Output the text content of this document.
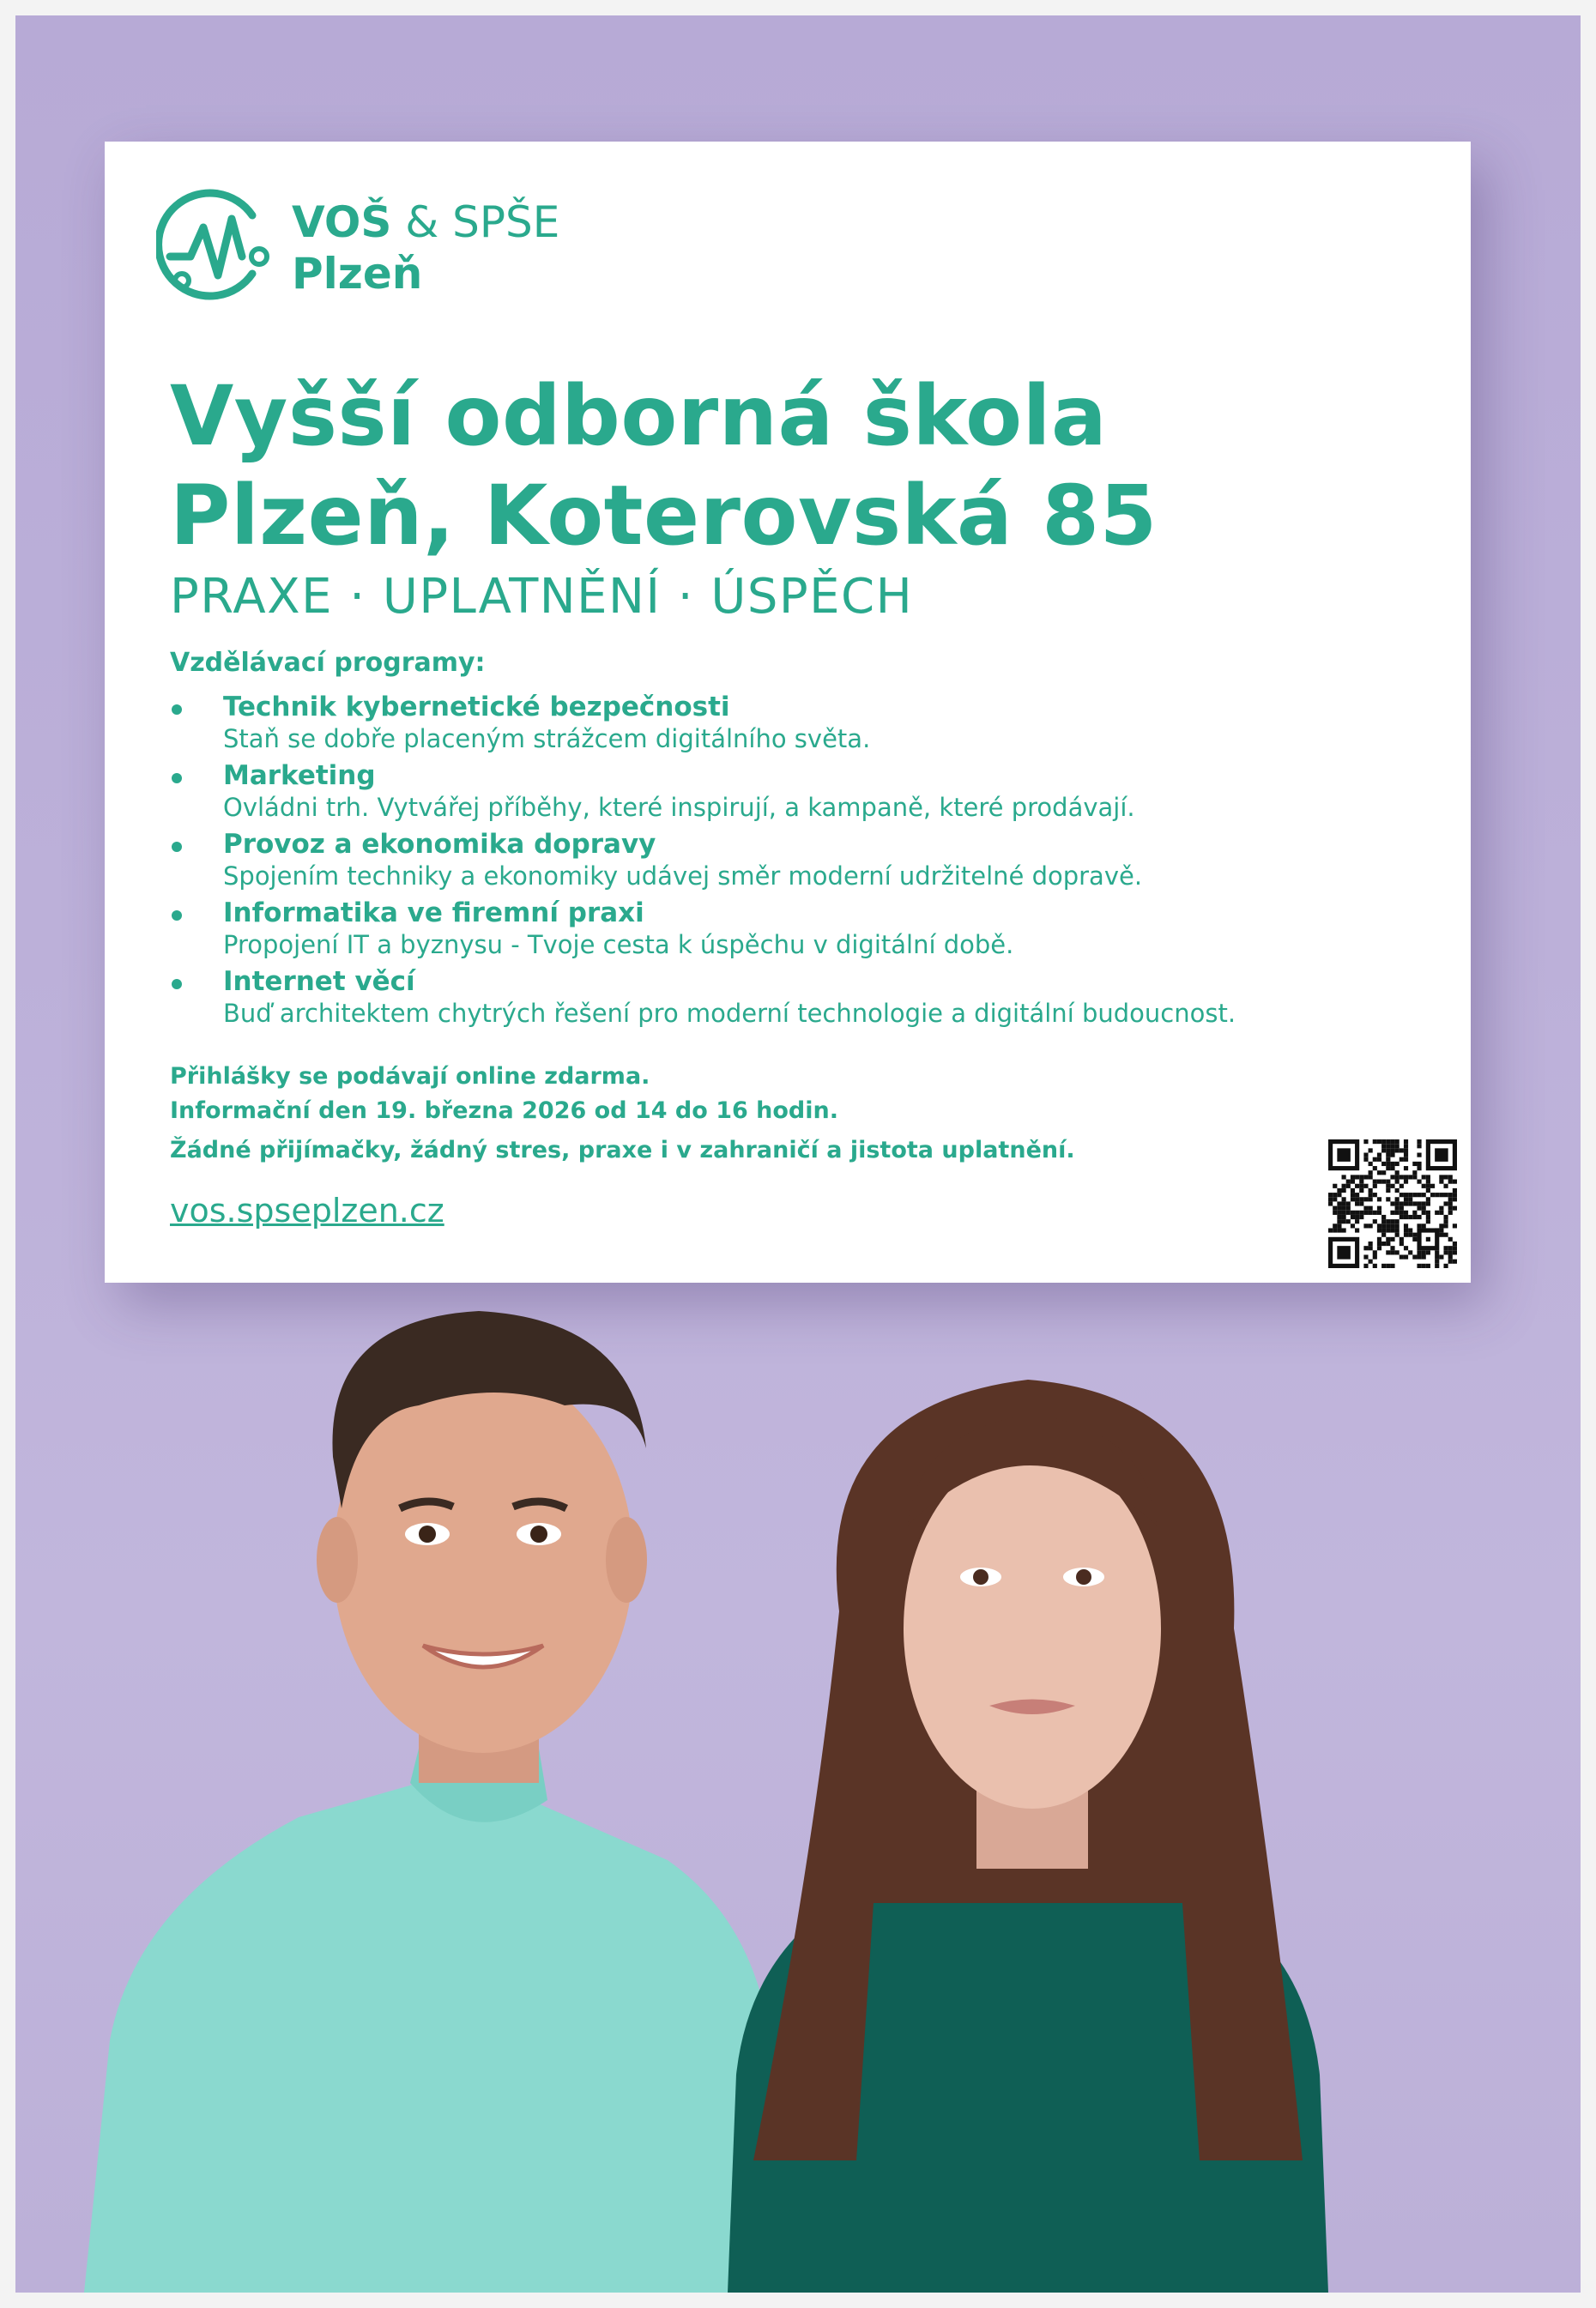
VOŠ & SPŠE
Plzeň
Vyšší odborná škola
Plzeň, Koterovská 85
PRAXE · UPLATNĚNÍ · ÚSPĚCH
Vzdělávací programy:
Technik kybernetické bezpečnosti
Staň se dobře placeným strážcem digitálního světa.
Marketing
Ovládni trh. Vytvářej příběhy, které inspirují, a kampaně, které prodávají.
Provoz a ekonomika dopravy
Spojením techniky a ekonomiky udávej směr moderní udržitelné dopravě.
Informatika ve firemní praxi
Propojení IT a byznysu - Tvoje cesta k úspěchu v digitální době.
Internet věcí
Buď architektem chytrých řešení pro moderní technologie a digitální budoucnost.
Přihlášky se podávají online zdarma.
Informační den 19. března 2026 od 14 do 16 hodin.
Žádné přijímačky, žádný stres, praxe i v zahraničí a jistota uplatnění.
vos.spseplzen.cz
